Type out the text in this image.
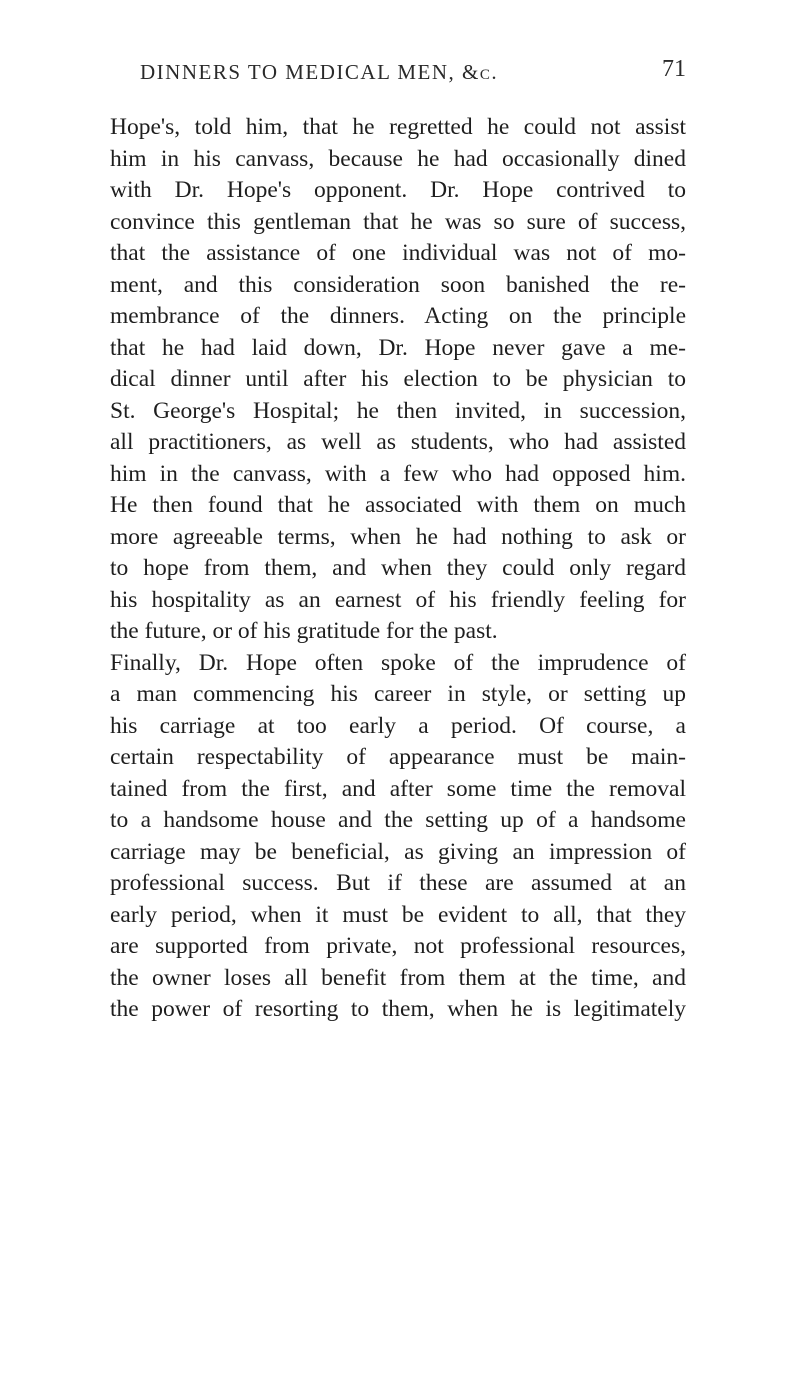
DINNERS TO MEDICAL MEN, &c.	71
Hope's, told him, that he regretted he could not assist
him in his canvass, because he had occasionally dined
with Dr. Hope's opponent. Dr. Hope contrived to
convince this gentleman that he was so sure of success,
that the assistance of one individual was not of mo-
ment, and this consideration soon banished the re-
membrance of the dinners. Acting on the principle
that he had laid down, Dr. Hope never gave a me-
dical dinner until after his election to be physician to
St. George's Hospital; he then invited, in succession,
all practitioners, as well as students, who had assisted
him in the canvass, with a few who had opposed him.
He then found that he associated with them on much
more agreeable terms, when he had nothing to ask or
to hope from them, and when they could only regard
his hospitality as an earnest of his friendly feeling for
the future, or of his gratitude for the past.
Finally, Dr. Hope often spoke of the imprudence of
a man commencing his career in style, or setting up
his carriage at too early a period. Of course, a
certain respectability of appearance must be main-
tained from the first, and after some time the removal
to a handsome house and the setting up of a handsome
carriage may be beneficial, as giving an impression of
professional success. But if these are assumed at an
early period, when it must be evident to all, that they
are supported from private, not professional resources,
the owner loses all benefit from them at the time, and
the power of resorting to them, when he is legitimately
